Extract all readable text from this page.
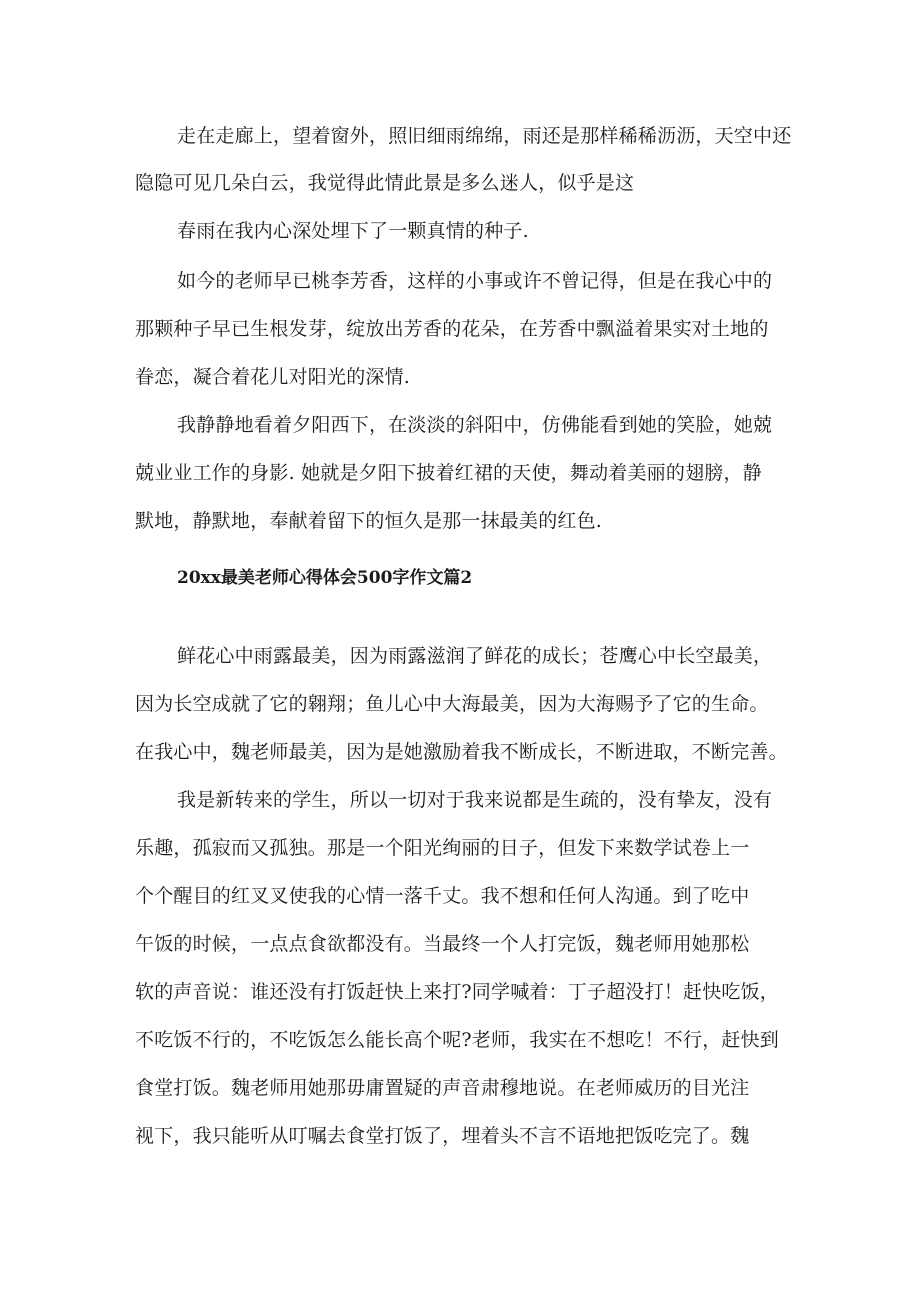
走在走廊上，望着窗外，照旧细雨绵绵，雨还是那样稀稀沥沥，天空中还
隐隐可见几朵白云，我觉得此情此景是多么迷人，似乎是这
春雨在我内心深处埋下了一颗真情的种子.
如今的老师早已桃李芳香，这样的小事或许不曾记得，但是在我心中的
那颗种子早已生根发芽，绽放出芳香的花朵，在芳香中飘溢着果实对土地的
眷恋，凝合着花儿对阳光的深情.
我静静地看着夕阳西下，在淡淡的斜阳中，仿佛能看到她的笑脸，她兢
兢业业工作的身影. 她就是夕阳下披着红裙的天使，舞动着美丽的翅膀，静
默地，静默地，奉献着留下的恒久是那一抹最美的红色.
20xx最美老师心得体会500字作文篇2
鲜花心中雨露最美，因为雨露滋润了鲜花的成长；苍鹰心中长空最美，
因为长空成就了它的翱翔；鱼儿心中大海最美，因为大海赐予了它的生命。
在我心中，魏老师最美，因为是她激励着我不断成长，不断进取，不断完善。
我是新转来的学生，所以一切对于我来说都是生疏的，没有挚友，没有
乐趣，孤寂而又孤独。那是一个阳光绚丽的日子，但发下来数学试卷上一
个个醒目的红叉叉使我的心情一落千丈。我不想和任何人沟通。到了吃中
午饭的时候，一点点食欲都没有。当最终一个人打完饭，魏老师用她那松
软的声音说：谁还没有打饭赶快上来打?同学喊着：丁子超没打！赶快吃饭，
不吃饭不行的，不吃饭怎么能长高个呢?老师，我实在不想吃！不行，赶快到
食堂打饭。魏老师用她那毋庸置疑的声音肃穆地说。在老师威历的目光注
视下，我只能听从叮嘱去食堂打饭了，埋着头不言不语地把饭吃完了。魏
